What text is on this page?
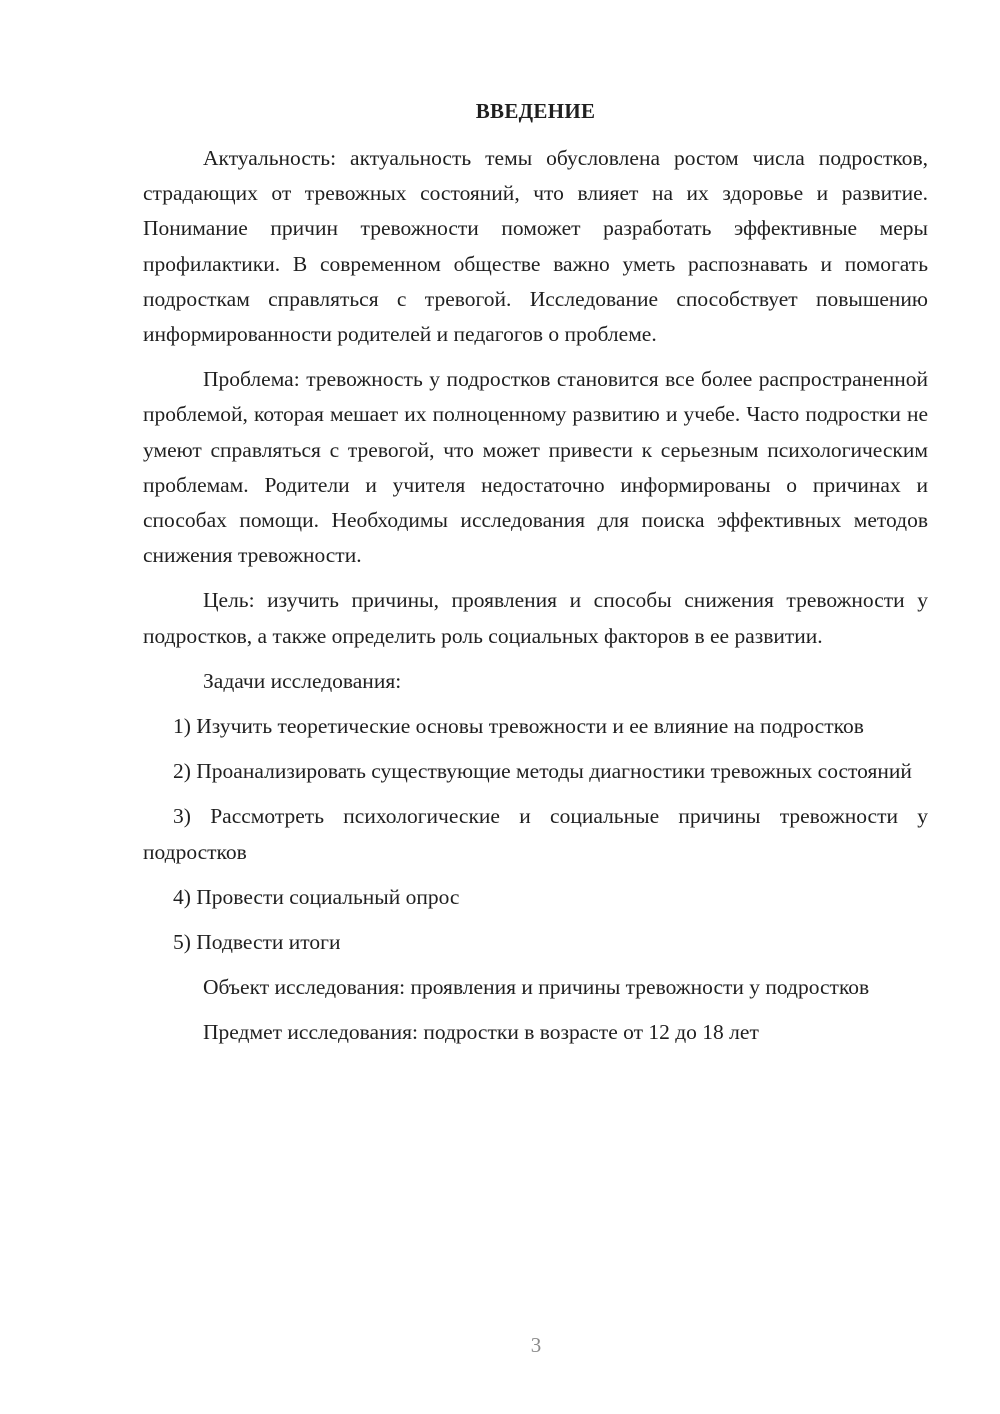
ВВЕДЕНИЕ

Актуальность: актуальность темы обусловлена ростом числа подростков, страдающих от тревожных состояний, что влияет на их здоровье и развитие. Понимание причин тревожности поможет разработать эффективные меры профилактики. В современном обществе важно уметь распознавать и помогать подросткам справляться с тревогой. Исследование способствует повышению информированности родителей и педагогов о проблеме.

Проблема: тревожность у подростков становится все более распространенной проблемой, которая мешает их полноценному развитию и учебе. Часто подростки не умеют справляться с тревогой, что может привести к серьезным психологическим проблемам. Родители и учителя недостаточно информированы о причинах и способах помощи. Необходимы исследования для поиска эффективных методов снижения тревожности.

Цель: изучить причины, проявления и способы снижения тревожности у подростков, а также определить роль социальных факторов в ее развитии.

Задачи исследования:

1) Изучить теоретические основы тревожности и ее влияние на подростков

2) Проанализировать существующие методы диагностики тревожных состояний

3) Рассмотреть психологические и социальные причины тревожности у подростков

4) Провести социальный опрос

5) Подвести итоги

Объект исследования: проявления и причины тревожности у подростков

Предмет исследования: подростки в возрасте от 12 до 18 лет

3
